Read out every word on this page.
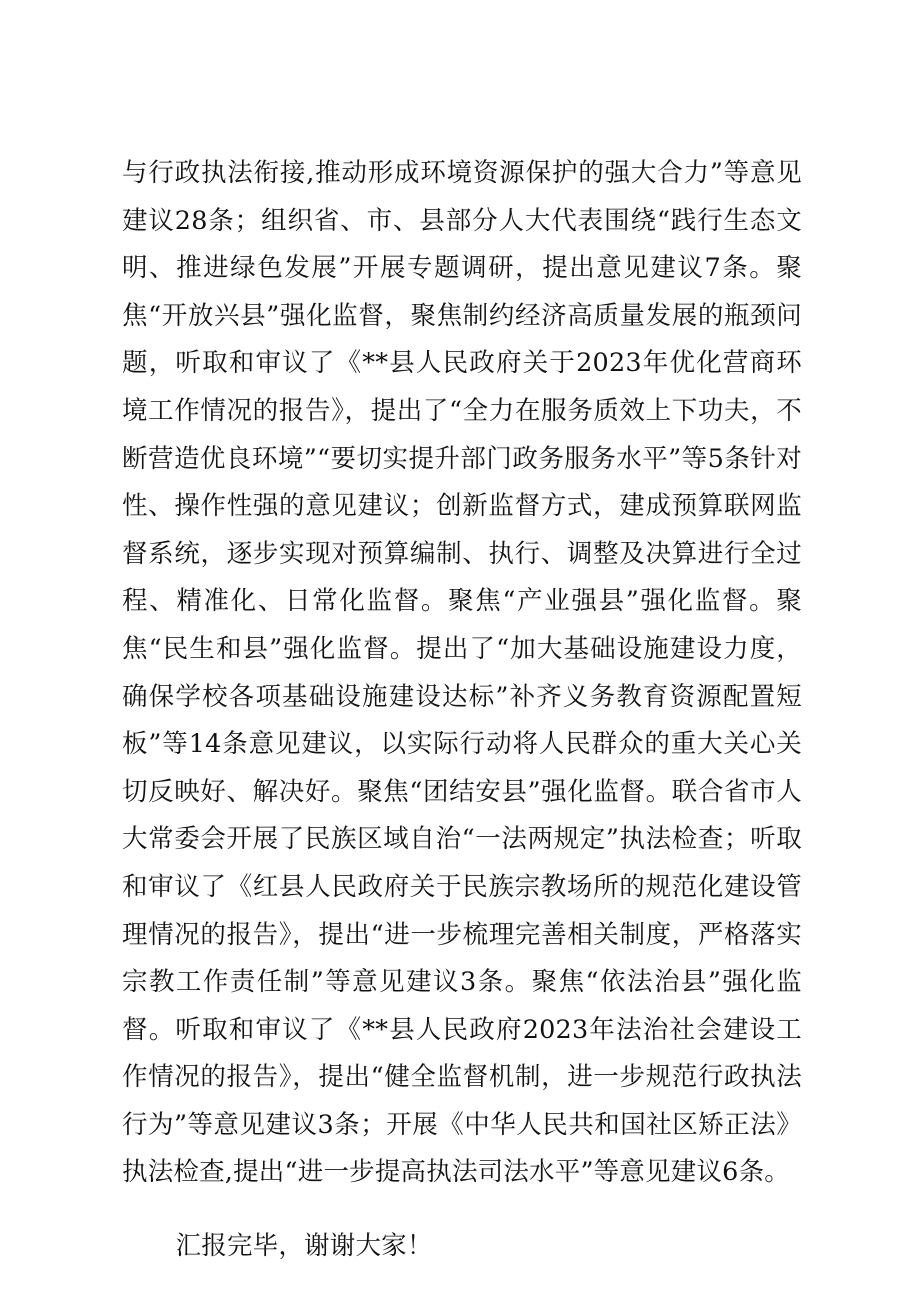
与行政执法衔接,推动形成环境资源保护的强大合力”等意见建议28条；组织省、市、县部分人大代表围绕“践行生态文明、推进绿色发展”开展专题调研，提出意见建议7条。聚焦“开放兴县”强化监督，聚焦制约经济高质量发展的瓶颈问题，听取和审议了《**县人民政府关于2023年优化营商环境工作情况的报告》，提出了“全力在服务质效上下功夫，不断营造优良环境”“要切实提升部门政务服务水平”等5条针对性、操作性强的意见建议；创新监督方式，建成预算联网监督系统，逐步实现对预算编制、执行、调整及决算进行全过程、精准化、日常化监督。聚焦“产业强县”强化监督。聚焦“民生和县”强化监督。提出了“加大基础设施建设力度，确保学校各项基础设施建设达标”补齐义务教育资源配置短板”等14条意见建议，以实际行动将人民群众的重大关心关切反映好、解决好。聚焦“团结安县”强化监督。联合省市人大常委会开展了民族区域自治“一法两规定”执法检查；听取和审议了《红县人民政府关于民族宗教场所的规范化建设管理情况的报告》，提出“进一步梳理完善相关制度，严格落实宗教工作责任制”等意见建议3条。聚焦“依法治县”强化监督。听取和审议了《**县人民政府2023年法治社会建设工作情况的报告》，提出“健全监督机制，进一步规范行政执法行为”等意见建议3条；开展《中华人民共和国社区矫正法》执法检查,提出“进一步提高执法司法水平”等意见建议6条。

汇报完毕，谢谢大家！
